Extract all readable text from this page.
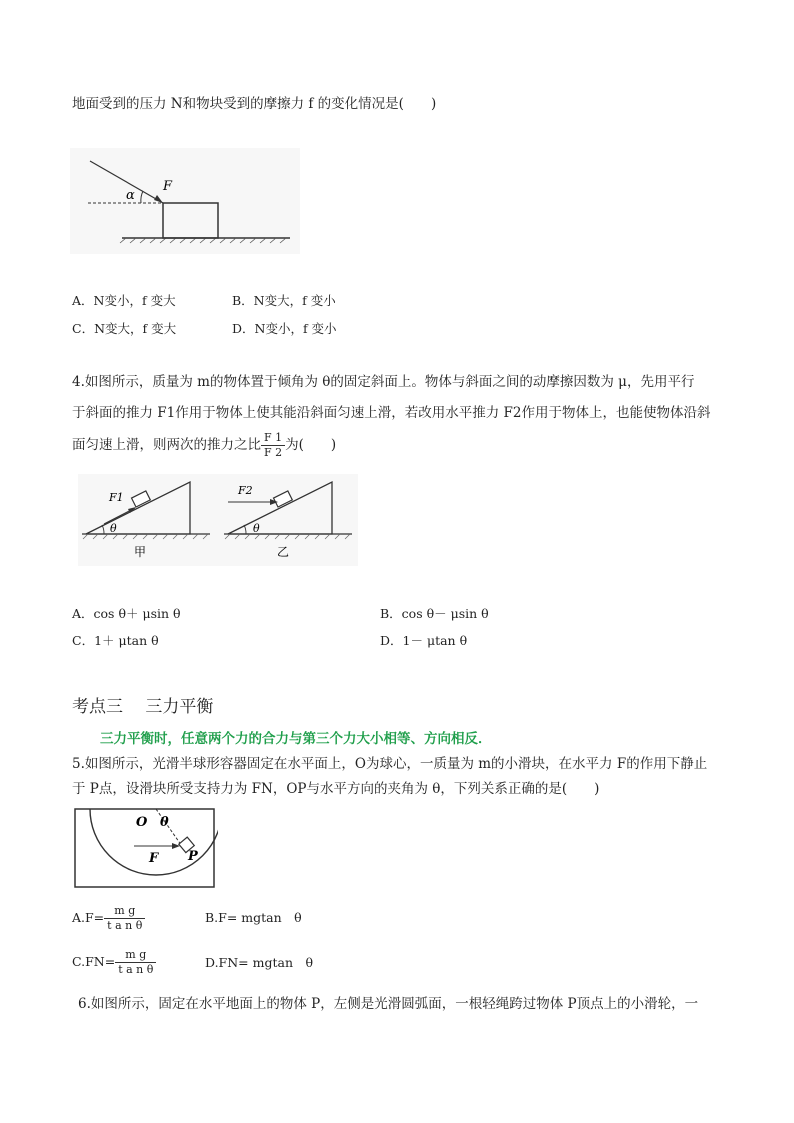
地面受到的压力 N和物块受到的摩擦力 f 的变化情况是(　　)
α
F
A．N变小，f 变大	B．N变大，f 变小
C．N变大，f 变大	D．N变小，f 变小
4.如图所示，质量为 m的物体置于倾角为 θ的固定斜面上。物体与斜面之间的动摩擦因数为 μ，先用平行
于斜面的推力 F1作用于物体上使其能沿斜面匀速上滑，若改用水平推力 F2作用于物体上，也能使物体沿斜
面匀速上滑，则两次的推力之比 $\frac{F 1}{F 2}$ 为(　　)
F1
θ
甲
F2
θ
乙
A．cos θ＋ μsin θ	B．cos θ－ μsin θ
C．1＋ μtan θ	D．1－ μtan θ
考点三　 三力平衡
三力平衡时，任意两个力的合力与第三个力大小相等、方向相反．
5.如图所示，光滑半球形容器固定在水平面上，O为球心，一质量为 m的小滑块，在水平力 F的作用下静止
于 P点，设滑块所受支持力为 FN，OP与水平方向的夹角为 θ，下列关系正确的是(　　)
O θ
F P
$A.F= \frac{\text{m g}}{\text{t a n θ}}$	B.F= mgtan　θ
$C.FN= \frac{\text{m g}}{\text{t a n θ}}$	D.FN= mgtan　θ
6.如图所示，固定在水平地面上的物体 P，左侧是光滑圆弧面，一根轻绳跨过物体 P顶点上的小滑轮，一
